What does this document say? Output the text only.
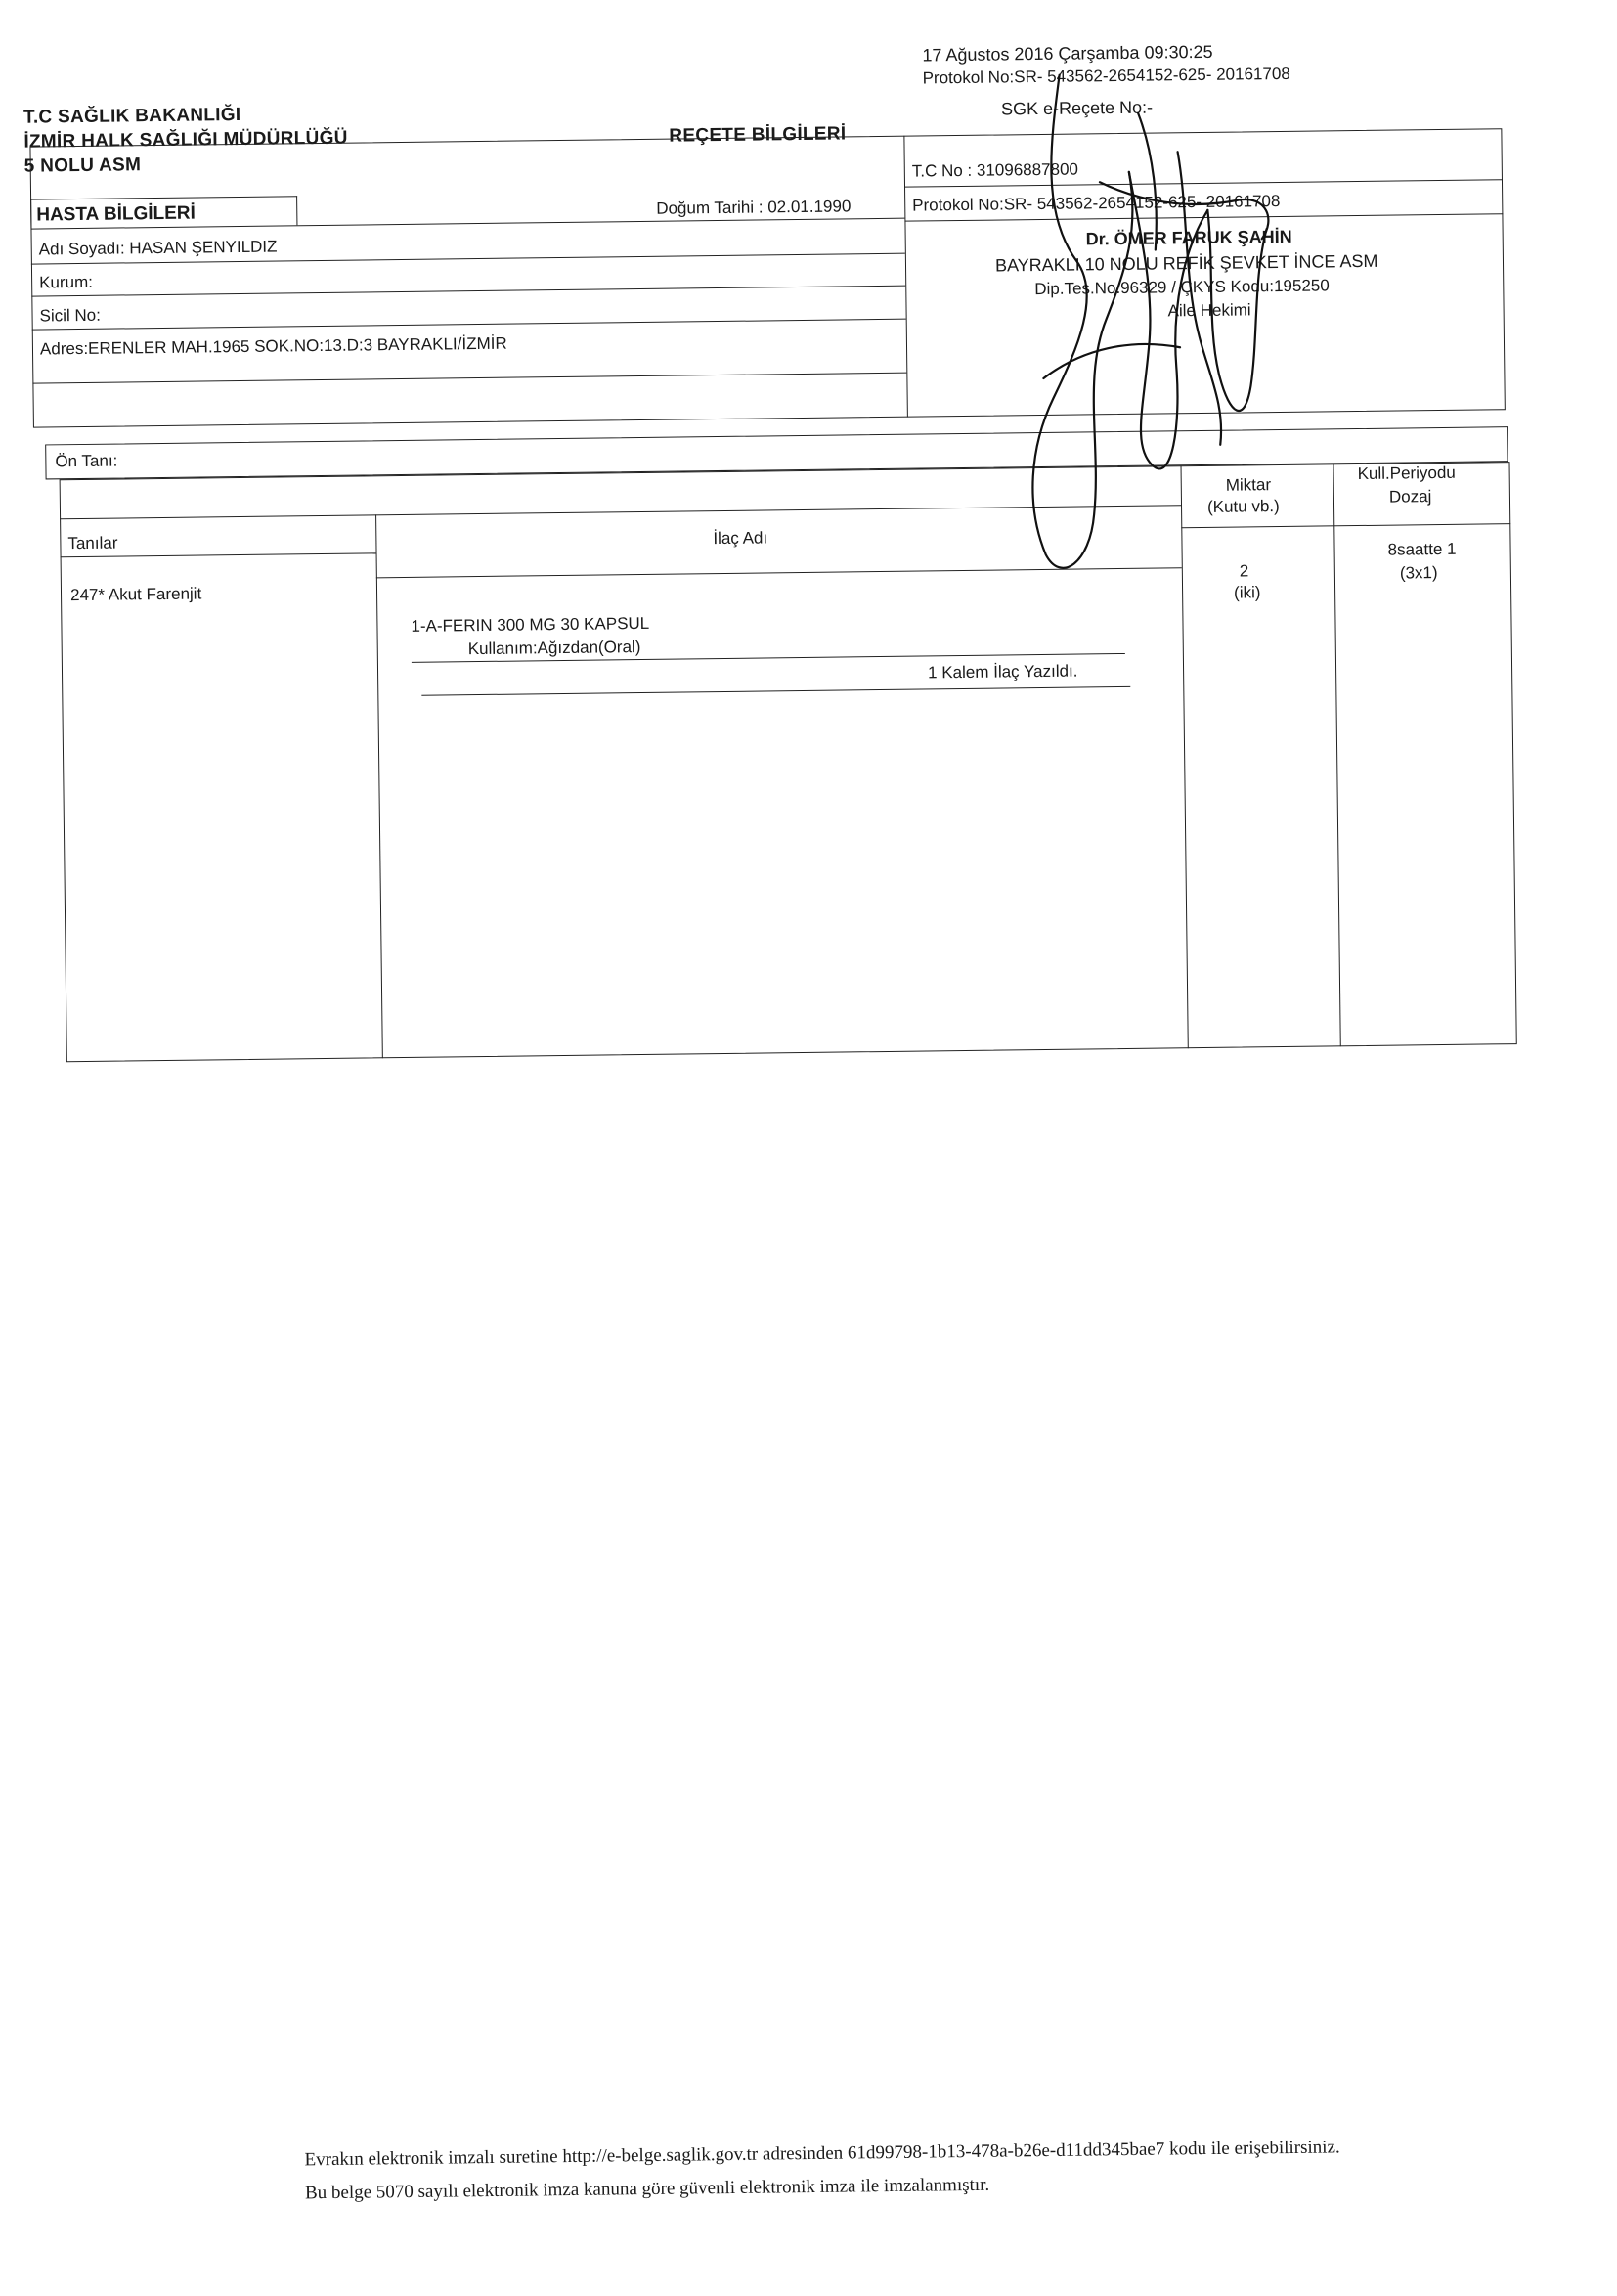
T.C SAĞLIK BAKANLIĞI
İZMİR HALK SAĞLIĞI MÜDÜRLÜĞÜ
5 NOLU ASM
REÇETE BİLGİLERİ
17 Ağustos 2016 Çarşamba 09:30:25
Protokol No:SR- 543562-2654152-625- 20161708
SGK e-Reçete No:-
HASTA BİLGİLERİ	Doğum Tarihi : 02.01.1990
Adı Soyadı: HASAN ŞENYILDIZ
Kurum:
Sicil No:
Adres:ERENLER MAH.1965 SOK.NO:13.D:3 BAYRAKLI/İZMİR
T.C No : 31096887800
Protokol No:SR- 543562-2654152-625- 20161708
Dr. ÖMER FARUK ŞAHİN
BAYRAKLI 10 NOLU REFİK ŞEVKET İNCE ASM
Dip.Tes.No.96329 / ÇKYS Kodu:195250
Aile Hekimi
Ön Tanı:
Tanılar	İlaç Adı
Miktar
(Kutu vb.)
Kull.Periyodu
Dozaj
247* Akut Farenjit
1-A-FERIN 300 MG 30 KAPSUL
Kullanım:Ağızdan(Oral)
1 Kalem İlaç Yazıldı.
2
(iki)
8saatte 1
(3x1)
Evrakın elektronik imzalı suretine http://e-belge.saglik.gov.tr adresinden 61d99798-1b13-478a-b26e-d11dd345bae7 kodu ile erişebilirsiniz.
Bu belge 5070 sayılı elektronik imza kanuna göre güvenli elektronik imza ile imzalanmıştır.
